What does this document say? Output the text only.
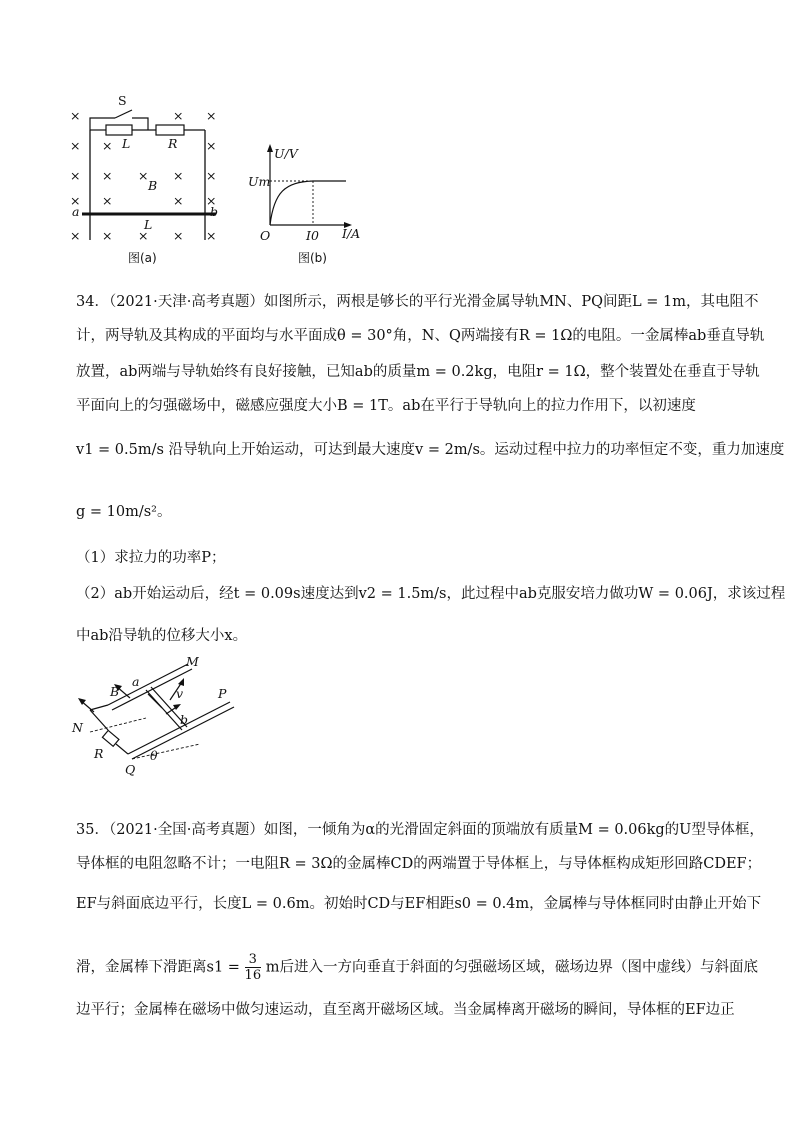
×	× ×
× ×	×
× × × × ×
× ×	× ×
× × × × ×
S
L	R
B
L
a	b
图(a)
U/V
I/A
Um
I0
O
图(b)
34．（2021·天津·高考真题）如图所示，两根是够长的平行光滑金属导轨MN、PQ间距L = 1m，其电阻不
计，两导轨及其构成的平面均与水平面成θ = 30°角，N、Q两端接有R = 1Ω的电阻。一金属棒ab垂直导轨
放置，ab两端与导轨始终有良好接触，已知ab的质量m = 0.2kg，电阻r = 1Ω，整个装置处在垂直于导轨
平面向上的匀强磁场中，磁感应强度大小B = 1T。ab在平行于导轨向上的拉力作用下，以初速度
v1 = 0.5m/s 沿导轨向上开始运动，可达到最大速度v = 2m/s。运动过程中拉力的功率恒定不变，重力加速度
g = 10m/s²。
（1）求拉力的功率P；
（2）ab开始运动后，经t = 0.09s速度达到v2 = 1.5m/s，此过程中ab克服安培力做功W = 0.06J，求该过程
中ab沿导轨的位移大小x。
M
P
N
Q
a
b
B	v
R	θ
35．（2021·全国·高考真题）如图，一倾角为α的光滑固定斜面的顶端放有质量M = 0.06kg的U型导体框，
导体框的电阻忽略不计；一电阻R = 3Ω的金属棒CD的两端置于导体框上，与导体框构成矩形回路CDEF；
EF与斜面底边平行，长度L = 0.6m。初始时CD与EF相距s0 = 0.4m，金属棒与导体框同时由静止开始下
滑，金属棒下滑距离$s1 = \frac{3}{16}$ m后进入一方向垂直于斜面的匀强磁场区域，磁场边界（图中虚线）与斜面底
边平行；金属棒在磁场中做匀速运动，直至离开磁场区域。当金属棒离开磁场的瞬间，导体框的EF边正
